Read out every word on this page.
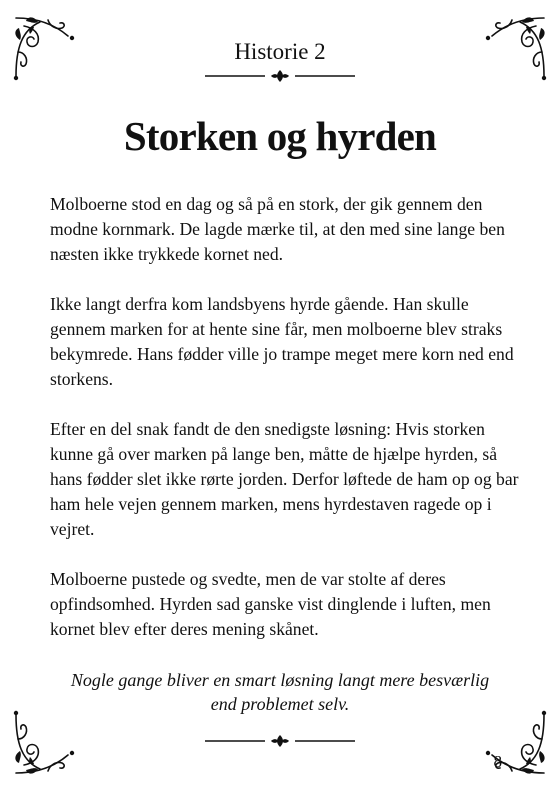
Historie 2
Storken og hyrden

Molboerne stod en dag og så på en stork, der gik gennem den modne kornmark. De lagde mærke til, at den med sine lange ben næsten ikke trykkede kornet ned.

Ikke langt derfra kom landsbyens hyrde gående. Han skulle gennem marken for at hente sine får, men molboerne blev straks bekymrede. Hans fødder ville jo trampe meget mere korn ned end storkens.

Efter en del snak fandt de den snedigste løsning: Hvis storken kunne gå over marken på lange ben, måtte de hjælpe hyrden, så hans fødder slet ikke rørte jorden. Derfor løftede de ham op og bar ham hele vejen gennem marken, mens hyrdestaven ragede op i vejret.

Molboerne pustede og svedte, men de var stolte af deres opfindsomhed. Hyrden sad ganske vist dinglende i luften, men kornet blev efter deres mening skånet.

Nogle gange bliver en smart løsning langt mere besværlig end problemet selv.
8
